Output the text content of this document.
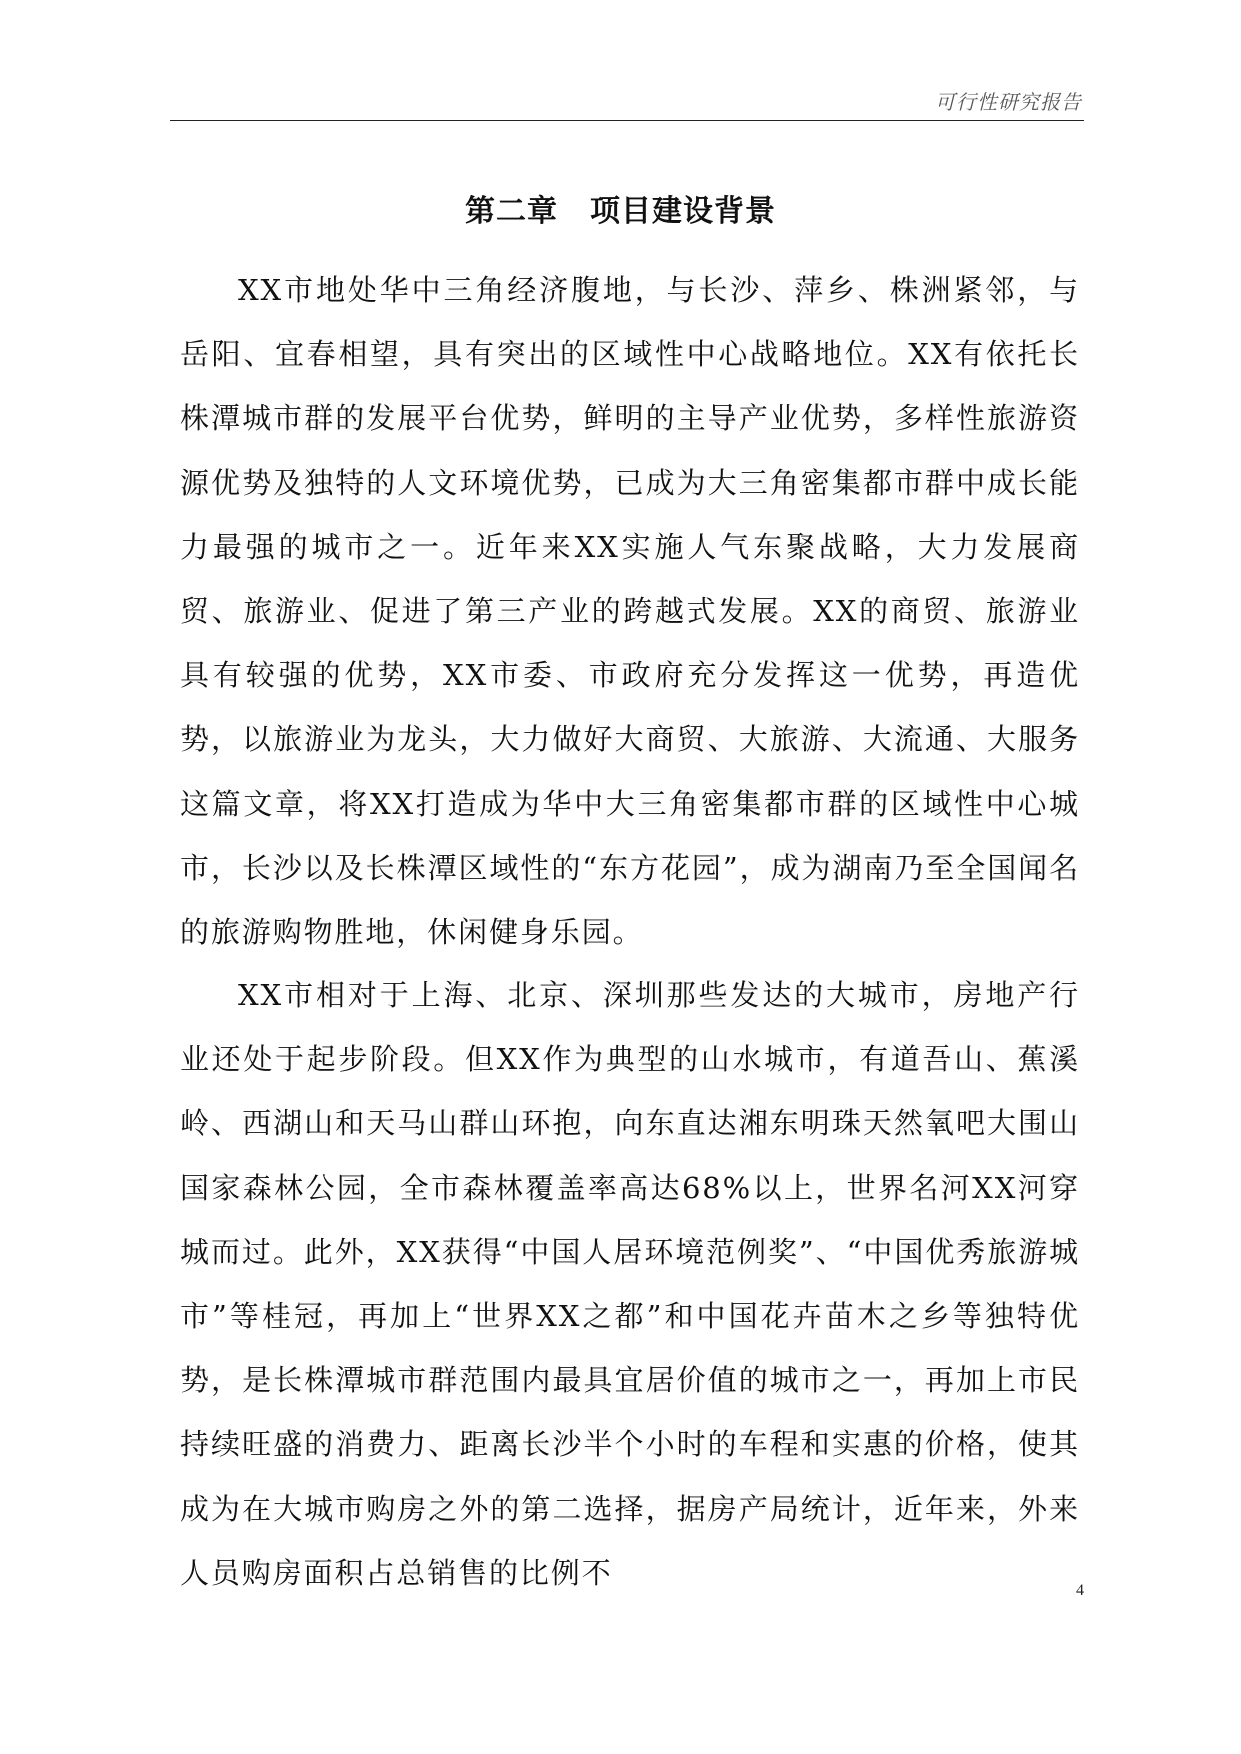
可行性研究报告
第二章 项目建设背景

XX市地处华中三角经济腹地，与长沙、萍乡、株洲紧邻，与岳阳、宜春相望，具有突出的区域性中心战略地位。XX有依托长株潭城市群的发展平台优势，鲜明的主导产业优势，多样性旅游资源优势及独特的人文环境优势，已成为大三角密集都市群中成长能力最强的城市之一。近年来XX实施人气东聚战略，大力发展商贸、旅游业、促进了第三产业的跨越式发展。XX的商贸、旅游业具有较强的优势，XX市委、市政府充分发挥这一优势，再造优势，以旅游业为龙头，大力做好大商贸、大旅游、大流通、大服务这篇文章，将XX打造成为华中大三角密集都市群的区域性中心城市，长沙以及长株潭区域性的“东方花园”，成为湖南乃至全国闻名的旅游购物胜地，休闲健身乐园。

XX市相对于上海、北京、深圳那些发达的大城市，房地产行业还处于起步阶段。但XX作为典型的山水城市，有道吾山、蕉溪岭、西湖山和天马山群山环抱，向东直达湘东明珠天然氧吧大围山国家森林公园，全市森林覆盖率高达68%以上，世界名河XX河穿城而过。此外，XX获得“中国人居环境范例奖”、“中国优秀旅游城市”等桂冠，再加上“世界XX之都”和中国花卉苗木之乡等独特优势，是长株潭城市群范围内最具宜居价值的城市之一，再加上市民持续旺盛的消费力、距离长沙半个小时的车程和实惠的价格，使其成为在大城市购房之外的第二选择，据房产局统计，近年来，外来人员购房面积占总销售的比例不

4
